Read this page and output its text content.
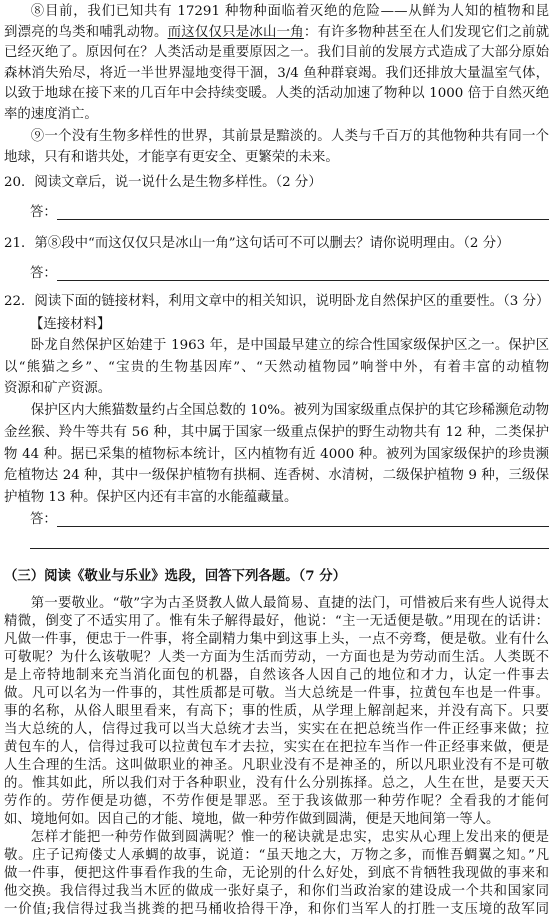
⑧目前，我们已知共有 17291 种物种面临着灭绝的危险——从鲜为人知的植物和昆
到漂亮的鸟类和哺乳动物。而这仅仅只是冰山一角：有许多物种甚至在人们发现它们之前就
已经灭绝了。原因何在？人类活动是重要原因之一。我们目前的发展方式造成了大部分原始
森林消失殆尽，将近一半世界湿地变得干涸，3/4 鱼种群衰竭。我们还排放大量温室气体，
以致于地球在接下来的几百年中会持续变暖。人类的活动加速了物种以 1000 倍于自然灭绝
率的速度消亡。
⑨一个没有生物多样性的世界，其前景是黯淡的。人类与千百万的其他物种共有同一个
地球，只有和谐共处，才能享有更安全、更繁荣的未来。
20．阅读文章后，说一说什么是生物多样性。（2 分）
答：
21．第⑧段中“而这仅仅只是冰山一角”这句话可不可以删去？请你说明理由。（2 分）
答：
22．阅读下面的链接材料，利用文章中的相关知识，说明卧龙自然保护区的重要性。（3 分）
【连接材料】
卧龙自然保护区始建于 1963 年，是中国最早建立的综合性国家级保护区之一。保护区
以“熊猫之乡”、“宝贵的生物基因库”、“天然动植物园”响誉中外，有着丰富的动植物
资源和矿产资源。
保护区内大熊猫数量约占全国总数的 10%。被列为国家级重点保护的其它珍稀濒危动物
金丝猴、羚牛等共有 56 种，其中属于国家一级重点保护的野生动物共有 12 种，二类保护
物 44 种。据已采集的植物标本统计，区内植物有近 4000 种。被列为国家级保护的珍贵濒
危植物达 24 种，其中一级保护植物有拱桐、连香树、水清树，二级保护植物 9 种，三级保
护植物 13 种。保护区内还有丰富的水能蕴藏量。
答：
（三）阅读《敬业与乐业》选段，回答下列各题。（7 分）
第一要敬业。“敬”字为古圣贤教人做人最简易、直捷的法门，可惜被后来有些人说得太
精微，倒变了不适实用了。惟有朱子解得最好，他说：“主一无适便是敬。”用现在的话讲：
凡做一件事，便忠于一件事，将全副精力集中到这事上头，一点不旁骛，便是敬。业有什么
可敬呢？为什么该敬呢？人类一方面为生活而劳动，一方面也是为劳动而生活。人类既不
是上帝特地制来充当消化面包的机器，自然该各人因自己的地位和才力，认定一件事去
做。凡可以名为一件事的，其性质都是可敬。当大总统是一件事，拉黄包车也是一件事。
事的名称，从俗人眼里看来，有高下；事的性质，从学理上解剖起来，并没有高下。只要
当大总统的人，信得过我可以当大总统才去当，实实在在把总统当作一件正经事来做；拉
黄包车的人，信得过我可以拉黄包车才去拉，实实在在把拉车当作一件正经事来做，便是
人生合理的生活。这叫做职业的神圣。凡职业没有不是神圣的，所以凡职业没有不是可敬
的。惟其如此，所以我们对于各种职业，没有什么分别拣择。总之，人生在世，是要天天
劳作的。劳作便是功德，不劳作便是罪恶。至于我该做那一种劳作呢？全看我的才能何
如、境地何如。因自己的才能、境地，做一种劳作做到圆满，便是天地间第一等人。
怎样才能把一种劳作做到圆满呢？惟一的秘诀就是忠实，忠实从心理上发出来的便是
敬。庄子记痀偻丈人承蜩的故事，说道：“虽天地之大，万物之多，而惟吾蜩翼之知。”凡
做一件事，便把这件事看作我的生命，无论别的什么好处，到底不肯牺牲我现做的事来和
他交换。我信得过我当木匠的做成一张好桌子，和你们当政治家的建设成一个共和国家同
一价值;我信得过我当挑粪的把马桶收拾得干净，和你们当军人的打胜一支压境的敌军同
